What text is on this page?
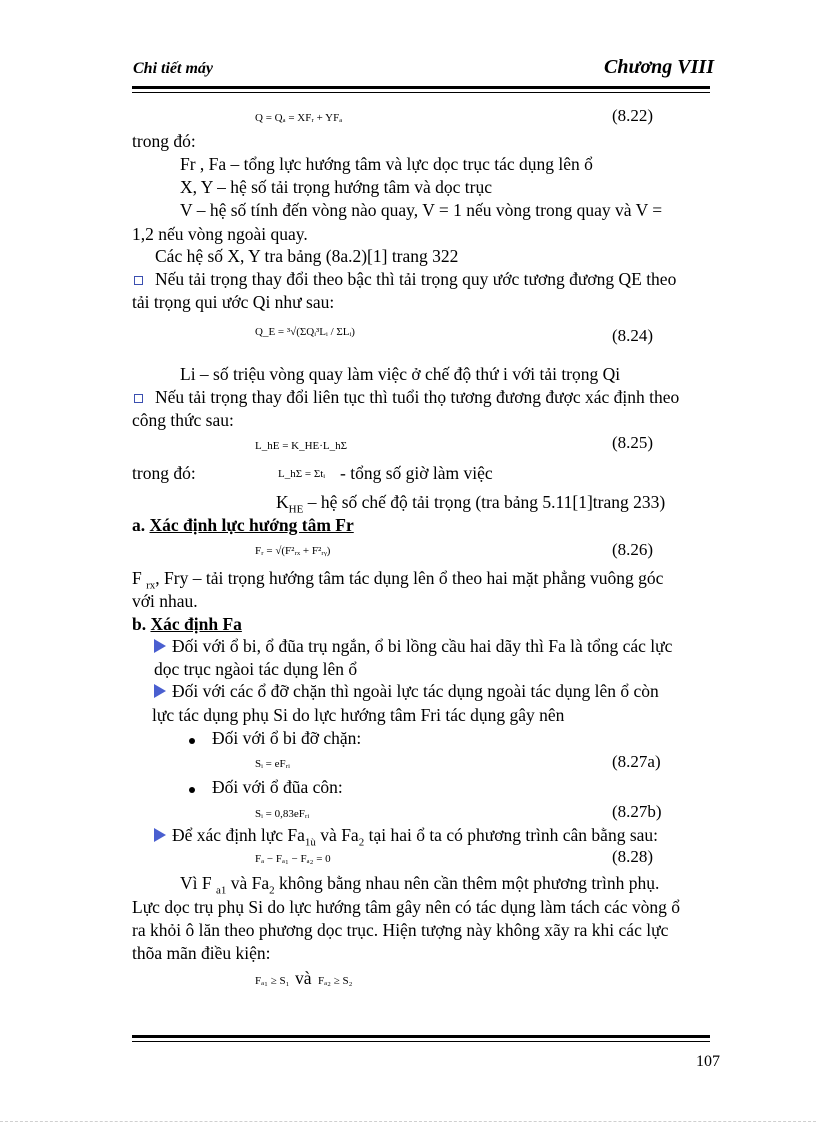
Chi tiết máy	Chương VIII
Q = Qₐ = XFᵣ + YFₐ	(8.22)
trong đó:
Fr , Fa – tổng lực hướng tâm và lực dọc trục tác dụng lên ổ
X, Y – hệ số tải trọng hướng tâm và dọc trục
V – hệ số tính đến vòng nào quay, V = 1 nếu vòng trong quay và V =
1,2 nếu vòng ngoài quay.
Các hệ số X, Y tra bảng (8a.2)[1] trang 322
Nếu tải trọng thay đổi theo bậc thì tải trọng quy ước tương đương QE theo
tải trọng qui ước Qi như sau:
Q_E = ³√(ΣQᵢ³Lᵢ / ΣLᵢ)	(8.24)
Li – số triệu vòng quay làm việc ở chế độ thứ i với tải trọng Qi
Nếu tải trọng thay đổi liên tục thì tuổi thọ tương đương được xác định theo
công thức sau:
L_hE = K_HE·L_hΣ	(8.25)
trong đó:	L_hΣ = Σtᵢ - tổng số giờ làm việc
$K_{HE}$ – hệ số chế độ tải trọng (tra bảng 5.11[1]trang 233)
a. Xác định lực hướng tâm Fr
Fᵣ = √(F²ᵣₓ + F²ᵣᵧ)	(8.26)
F $_{rx}$, Fry – tải trọng hướng tâm tác dụng lên ổ theo hai mặt phẳng vuông góc
với nhau.
b. Xác định Fa
Đối với ổ bi, ổ đũa trụ ngắn, ổ bi lồng cầu hai dãy thì Fa là tổng các lực
dọc trục ngàoi tác dụng lên ổ
Đối với các ổ đỡ chặn thì ngoài lực tác dụng ngoài tác dụng lên ổ còn
lực tác dụng phụ Si do lực hướng tâm Fri tác dụng gây nên
Đối với ổ bi đỡ chặn:
Sᵢ = eFᵣᵢ	(8.27a)
Đối với ổ đũa côn:
Sᵢ = 0,83eFᵣᵢ	(8.27b)
Để xác định lực $Fa_{1ù}$ và $Fa_2$ tại hai ổ ta có phương trình cân bằng sau:
Fₐ − Fₐ₁ − Fₐ₂ = 0	(8.28)
Vì F $_{a1}$ và $Fa_2$ không bằng nhau nên cần thêm một phương trình phụ.
Lực dọc trụ phụ Si do lực hướng tâm gây nên có tác dụng làm tách các vòng ổ
ra khỏi ô lăn theo phương dọc trục. Hiện tượng này không xãy ra khi các lực
thõa mãn điều kiện:
Fₐ₁ ≥ S₁ và Fₐ₂ ≥ S₂
107
